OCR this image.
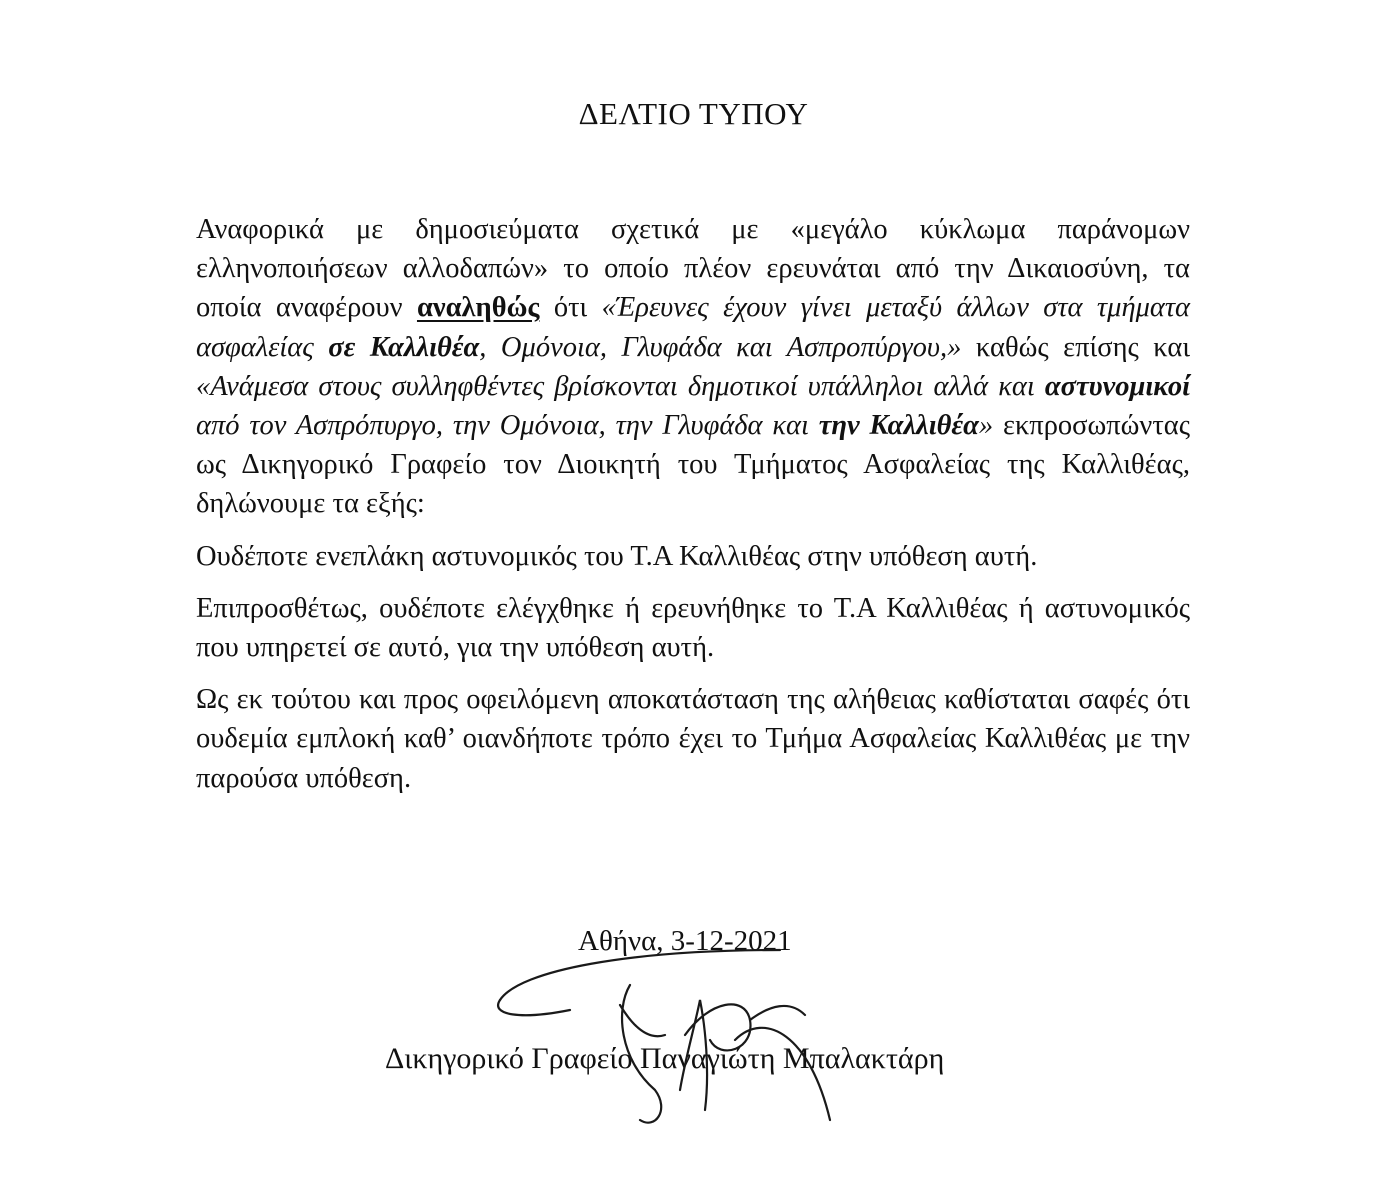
ΔΕΛΤΙΟ ΤΥΠΟΥ

Αναφορικά με δημοσιεύματα σχετικά με «μεγάλο κύκλωμα παράνομων ελληνοποιήσεων αλλοδαπών» το οποίο πλέον ερευνάται από την Δικαιοσύνη, τα οποία αναφέρουν αναληθώς ότι «Έρευνες έχουν γίνει μεταξύ άλλων στα τμήματα ασφαλείας σε Καλλιθέα, Ομόνοια, Γλυφάδα και Ασπροπύργου,» καθώς επίσης και «Ανάμεσα στους συλληφθέντες βρίσκονται δημοτικοί υπάλληλοι αλλά και αστυνομικοί από τον Ασπρόπυργο, την Ομόνοια, την Γλυφάδα και την Καλλιθέα» εκπροσωπώντας ως Δικηγορικό Γραφείο τον Διοικητή του Τμήματος Ασφαλείας της Καλλιθέας, δηλώνουμε τα εξής:

Ουδέποτε ενεπλάκη αστυνομικός του Τ.Α Καλλιθέας στην υπόθεση αυτή.

Επιπροσθέτως, ουδέποτε ελέγχθηκε ή ερευνήθηκε το Τ.Α Καλλιθέας ή αστυνομικός που υπηρετεί σε αυτό, για την υπόθεση αυτή.

Ως εκ τούτου και προς οφειλόμενη αποκατάσταση της αλήθειας καθίσταται σαφές ότι ουδεμία εμπλοκή καθ’ οιανδήποτε τρόπο έχει το Τμήμα Ασφαλείας Καλλιθέας με την παρούσα υπόθεση.

Αθήνα, 3-12-2021
Δικηγορικό Γραφείο Παναγιώτη Μπαλακτάρη
